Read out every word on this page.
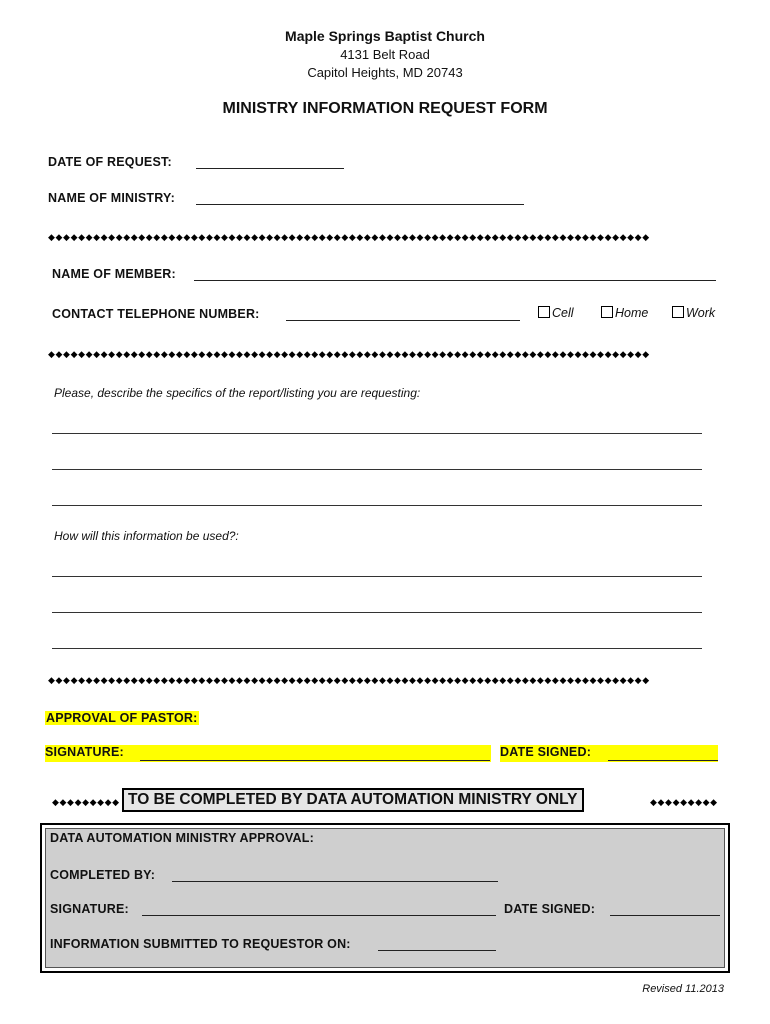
Maple Springs Baptist Church
4131 Belt Road
Capitol Heights, MD 20743
MINISTRY INFORMATION REQUEST FORM
DATE OF REQUEST:
NAME OF MINISTRY:
◆◆◆◆◆◆◆◆◆◆◆◆◆◆◆◆◆◆◆◆◆◆◆◆◆◆◆◆◆◆◆◆◆◆◆◆◆◆◆◆◆◆◆◆◆◆◆◆◆◆◆◆◆◆◆◆◆◆◆◆◆◆◆◆◆◆◆◆◆◆◆◆◆◆◆◆◆◆◆◆
NAME OF MEMBER:
CONTACT TELEPHONE NUMBER:	Cell	Home	Work
◆◆◆◆◆◆◆◆◆◆◆◆◆◆◆◆◆◆◆◆◆◆◆◆◆◆◆◆◆◆◆◆◆◆◆◆◆◆◆◆◆◆◆◆◆◆◆◆◆◆◆◆◆◆◆◆◆◆◆◆◆◆◆◆◆◆◆◆◆◆◆◆◆◆◆◆◆◆◆◆
Please, describe the specifics of the report/listing you are requesting:
How will this information be used?:
◆◆◆◆◆◆◆◆◆◆◆◆◆◆◆◆◆◆◆◆◆◆◆◆◆◆◆◆◆◆◆◆◆◆◆◆◆◆◆◆◆◆◆◆◆◆◆◆◆◆◆◆◆◆◆◆◆◆◆◆◆◆◆◆◆◆◆◆◆◆◆◆◆◆◆◆◆◆◆◆
APPROVAL OF PASTOR:
SIGNATURE:	DATE SIGNED:
◆◆◆◆◆◆◆◆◆ TO BE COMPLETED BY DATA AUTOMATION MINISTRY ONLY	◆◆◆◆◆◆◆◆◆
DATA AUTOMATION MINISTRY APPROVAL:
COMPLETED BY:
SIGNATURE:	DATE SIGNED:
INFORMATION SUBMITTED TO REQUESTOR ON:
Revised 11.2013
